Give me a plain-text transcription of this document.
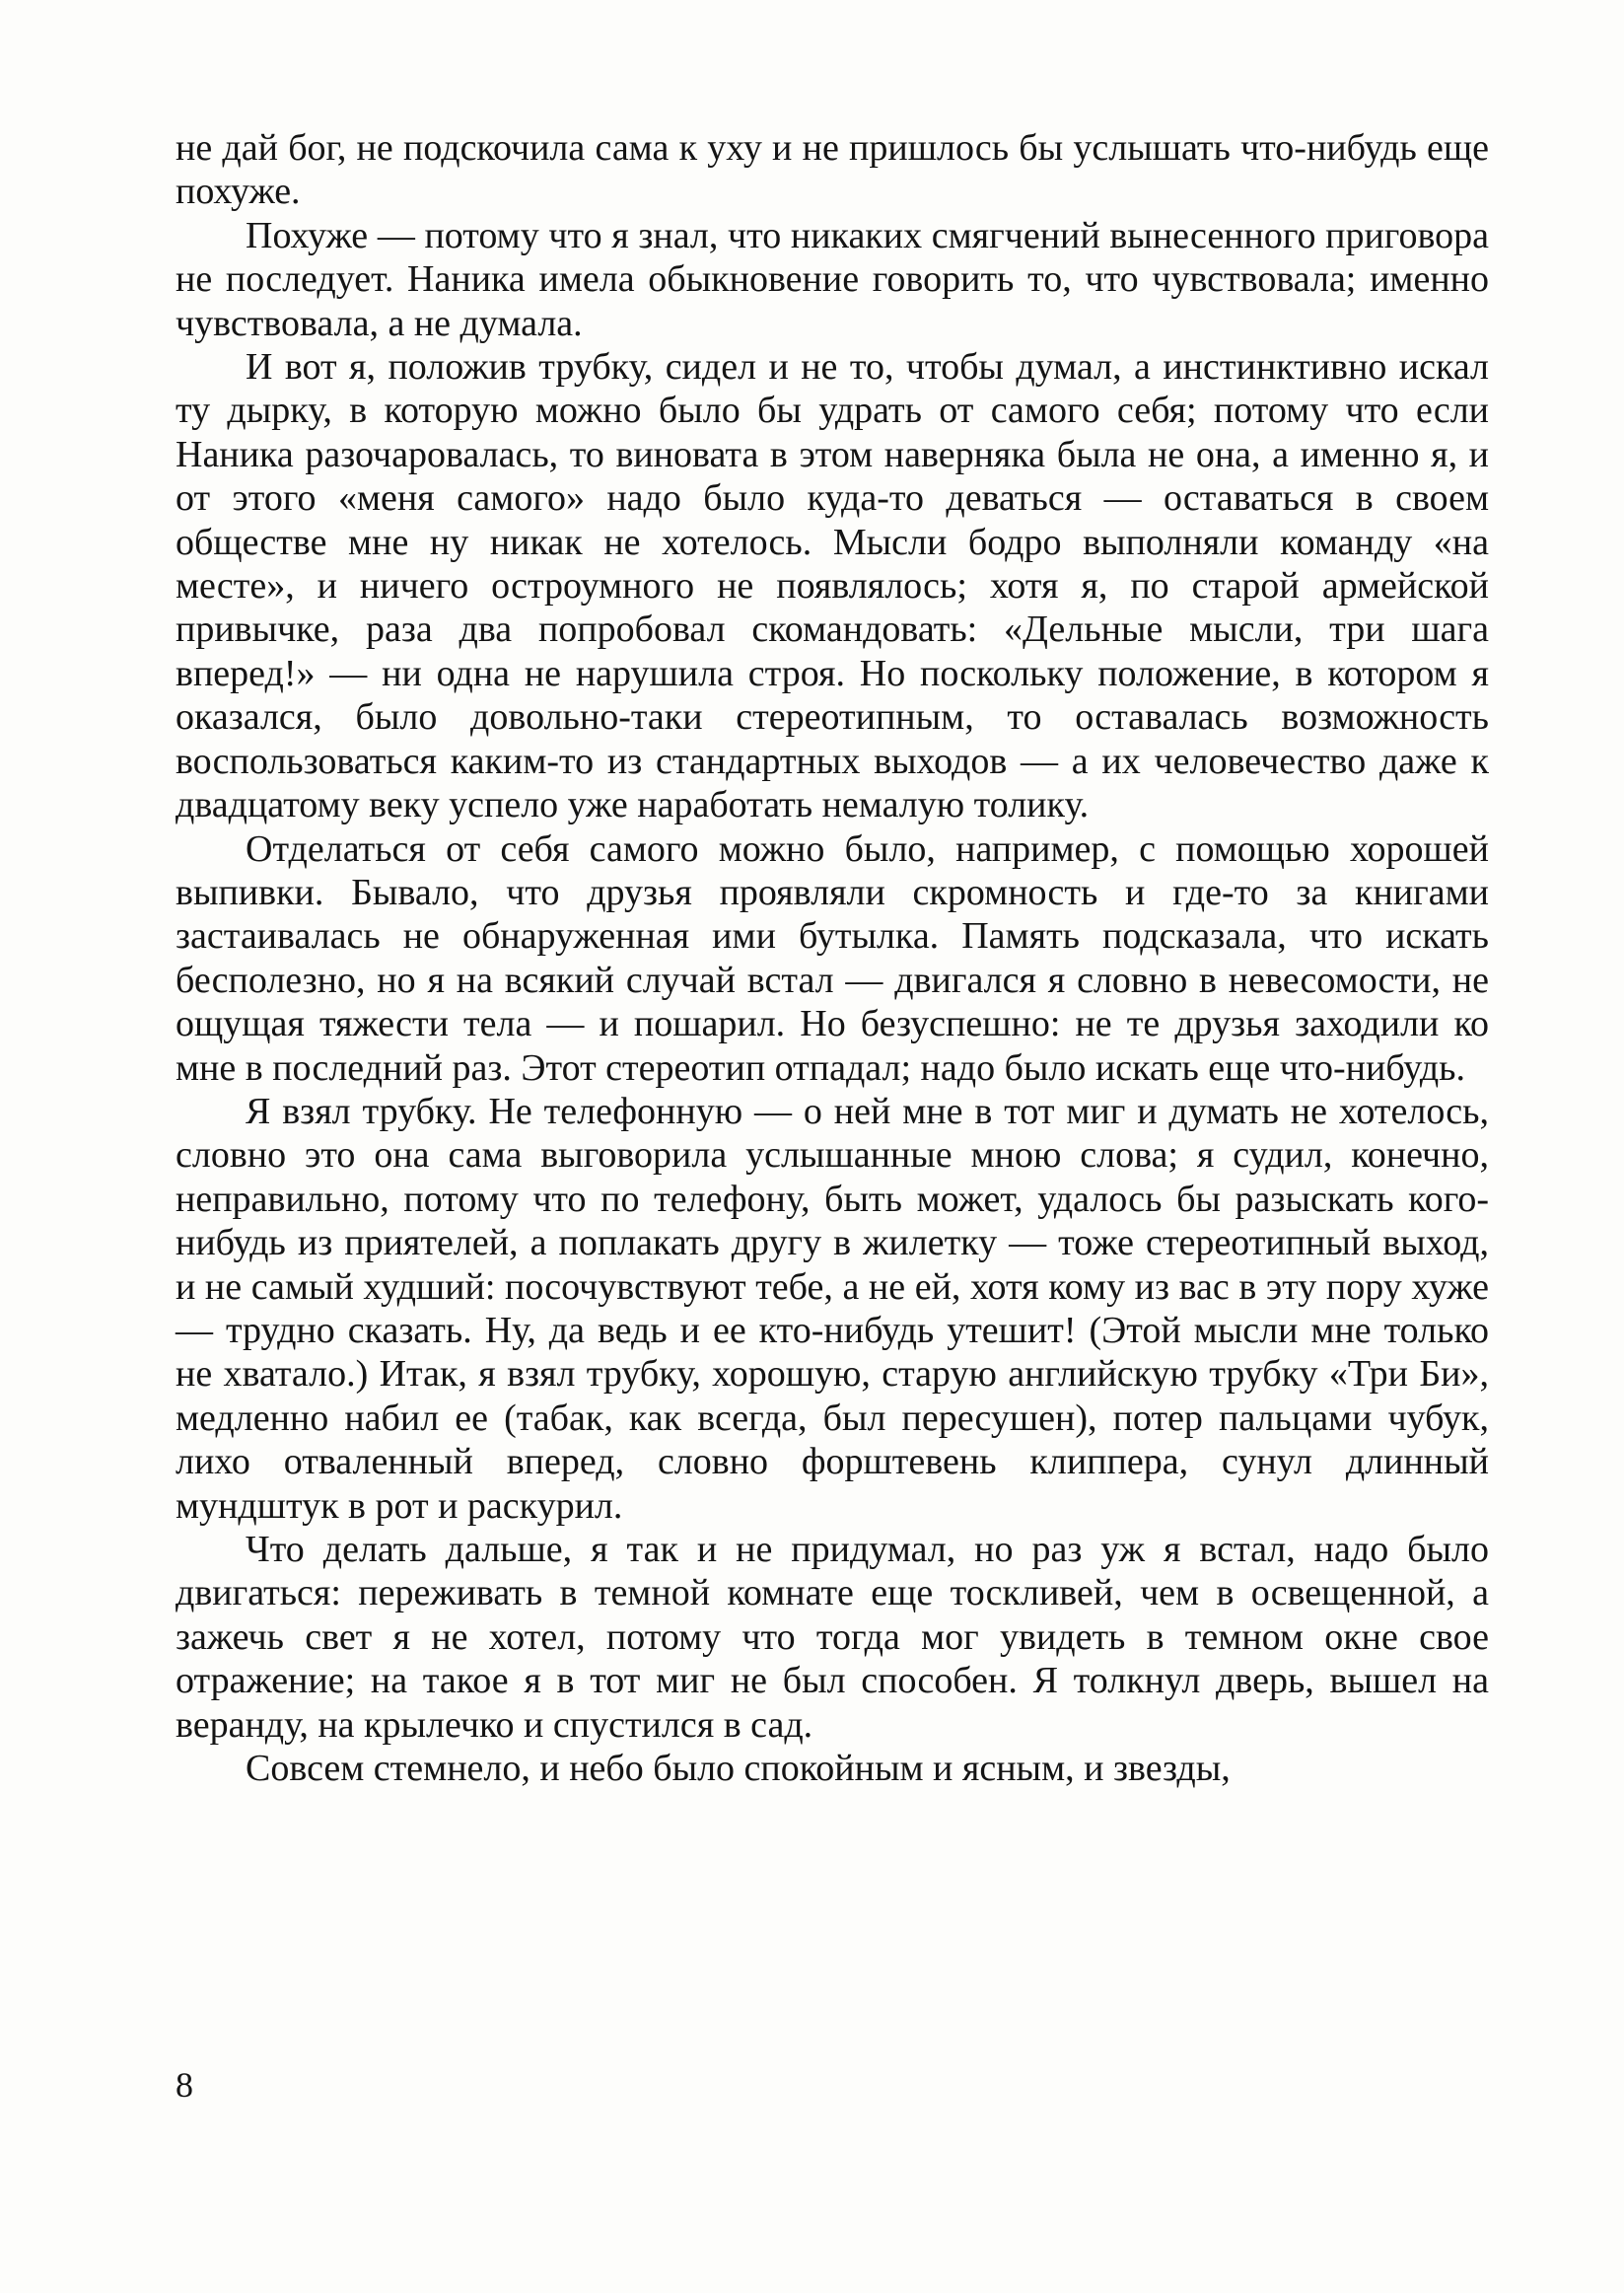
не дай бог, не подскочила сама к уху и не пришлось бы услышать что-нибудь еще похуже.

Похуже — потому что я знал, что никаких смягчений вынесенного приговора не последует. Наника имела обыкновение говорить то, что чувствовала; именно чувствовала, а не думала.

И вот я, положив трубку, сидел и не то, чтобы думал, а инстинктивно искал ту дырку, в которую можно было бы удрать от самого себя; потому что если Наника разочаровалась, то виновата в этом наверняка была не она, а именно я, и от этого «меня самого» надо было куда-то деваться — оставаться в своем обществе мне ну никак не хотелось. Мысли бодро выполняли команду «на месте», и ничего остроумного не появлялось; хотя я, по старой армейской привычке, раза два попробовал скомандовать: «Дельные мысли, три шага вперед!» — ни одна не нарушила строя. Но поскольку положение, в котором я оказался, было довольно-таки стереотипным, то оставалась возможность воспользоваться каким-то из стандартных выходов — а их человечество даже к двадцатому веку успело уже наработать немалую толику.

Отделаться от себя самого можно было, например, с помощью хорошей выпивки. Бывало, что друзья проявляли скромность и где-то за книгами застаивалась не обнаруженная ими бутылка. Память подсказала, что искать бесполезно, но я на всякий случай встал — двигался я словно в невесомости, не ощущая тяжести тела — и пошарил. Но безуспешно: не те друзья заходили ко мне в последний раз. Этот стереотип отпадал; надо было искать еще что-нибудь.

Я взял трубку. Не телефонную — о ней мне в тот миг и думать не хотелось, словно это она сама выговорила услышанные мною слова; я судил, конечно, неправильно, потому что по телефону, быть может, удалось бы разыскать кого-нибудь из приятелей, а поплакать другу в жилетку — тоже стереотипный выход, и не самый худший: посочувствуют тебе, а не ей, хотя кому из вас в эту пору хуже — трудно сказать. Ну, да ведь и ее кто-нибудь утешит! (Этой мысли мне только не хватало.) Итак, я взял трубку, хорошую, старую английскую трубку «Три Би», медленно набил ее (табак, как всегда, был пересушен), потер пальцами чубук, лихо отваленный вперед, словно форштевень клиппера, сунул длинный мундштук в рот и раскурил.

Что делать дальше, я так и не придумал, но раз уж я встал, надо было двигаться: переживать в темной комнате еще тоскливей, чем в освещенной, а зажечь свет я не хотел, потому что тогда мог увидеть в темном окне свое отражение; на такое я в тот миг не был способен. Я толкнул дверь, вышел на веранду, на крылечко и спустился в сад.

Совсем стемнело, и небо было спокойным и ясным, и звезды,

8
